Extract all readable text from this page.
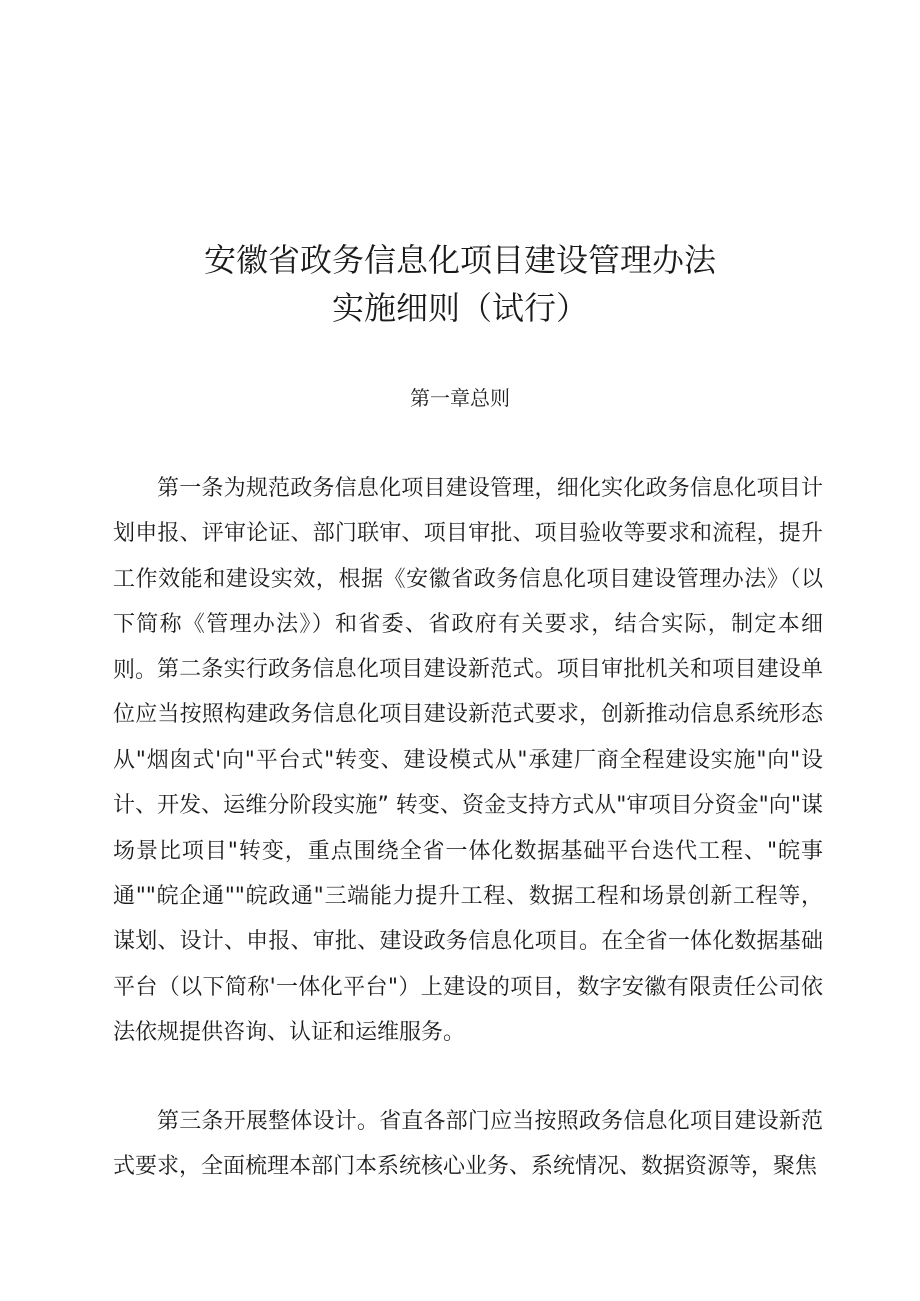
安徽省政务信息化项目建设管理办法
实施细则（试行）
第一章总则

第一条为规范政务信息化项目建设管理，细化实化政务信息化项目计划申报、评审论证、部门联审、项目审批、项目验收等要求和流程，提升工作效能和建设实效，根据《安徽省政务信息化项目建设管理办法》（以下简称《管理办法》）和省委、省政府有关要求，结合实际，制定本细则。 第二条实行政务信息化项目建设新范式。项目审批机关和项目建设单位应当按照构建政务信息化项目建设新范式要求，创新推动信息系统形态从"烟囱式'向"平台式"转变、建设模式从"承建厂商全程建设实施"向"设计、开发、运维分阶段实施” 转变、资金支持方式从"审项目分资金"向"谋场景比项目"转变，重点围绕全省一体化数据基础平台迭代工程、"皖事通""皖企通""皖政通"三端能力提升工程、数据工程和场景创新工程等，谋划、设计、申报、审批、建设政务信息化项目。在全省一体化数据基础平台（以下简称'一体化平台"）上建设的项目，数字安徽有限责任公司依法依规提供咨询、认证和运维服务。

第三条开展整体设计。省直各部门应当按照政务信息化项目建设新范式要求，全面梳理本部门本系统核心业务、系统情况、数据资源等，聚焦
